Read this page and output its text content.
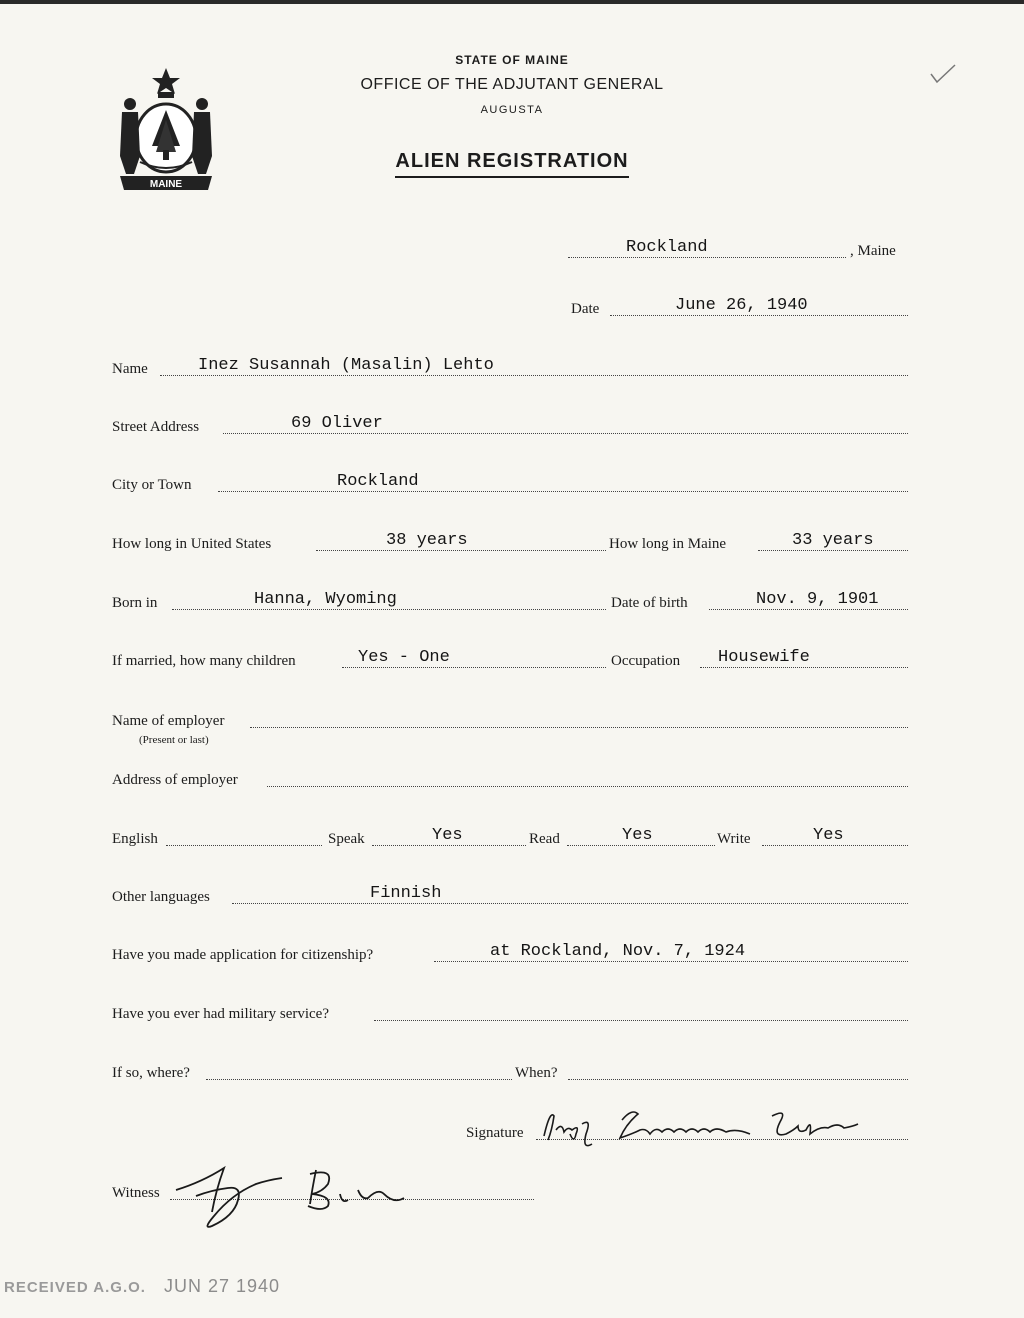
MAINE
STATE OF MAINE
OFFICE OF THE ADJUTANT GENERAL
AUGUSTA
ALIEN REGISTRATION
Rockland	, Maine
Date	June 26, 1940
Name	Inez Susannah (Masalin) Lehto
Street Address	69 Oliver
City or Town	Rockland
How long in United States	38 years	How long in Maine	33 years
Born in	Hanna, Wyoming	Date of birth	Nov. 9, 1901
If married, how many children	Yes - One	Occupation Housewife
Name of employer
(Present or last)
Address of employer
English	Speak	Yes	Read	Yes	Write	Yes
Other languages	Finnish
Have you made application for citizenship?	at Rockland, Nov. 7, 1924
Have you ever had military service?
If so, where?	When?
Signature
Witness
RECEIVED A.G.O. JUN 27 1940
